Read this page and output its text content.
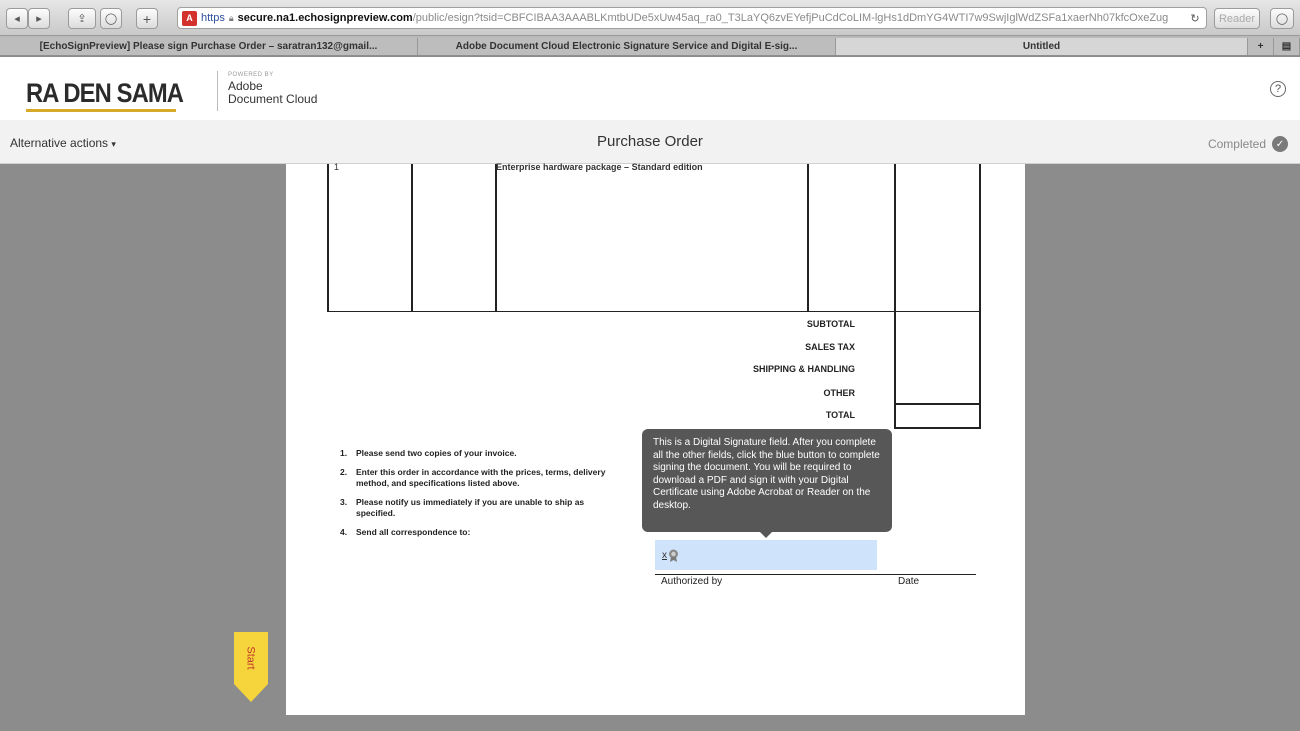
◂ ▸	⇪ ◯ +	A https 🔒︎ secure.na1.echosignpreview.com /public/esign?tsid=CBFCIBAA3AAABLKmtbUDe5xUw45aq_ra0_T3LaYQ6zvEYefjPuCdCoLIM-lgHs1dDmYG4WTI7w9SwjIglWdZSFa1xaerNh07kfcOxeZug ↻	Reader	◯
[EchoSignPreview] Please sign Purchase Order – saratran132@gmail...	Adobe Document Cloud Electronic Signature Service and Digital E-sig...	Untitled	+ ▤
RA DEN SAMA
POWERED BY
Adobe
Document Cloud
?
Alternative actions ▾	Purchase Order	Completed ✓
1	Enterprise hardware package – Standard edition
SUBTOTAL
SALES TAX
SHIPPING & HANDLING
OTHER
TOTAL
1.	Please send two copies of your invoice.
2.	Enter this order in accordance with the prices, terms, delivery method, and specifications listed above.
3.	Please notify us immediately if you are unable to ship as specified.
4.	Send all correspondence to:
This is a Digital Signature field. After you complete all the other fields, click the blue button to complete signing the document. You will be required to download a PDF and sign it with your Digital Certificate using Adobe Acrobat or Reader on the desktop.
x
Authorized by	Date
Start
